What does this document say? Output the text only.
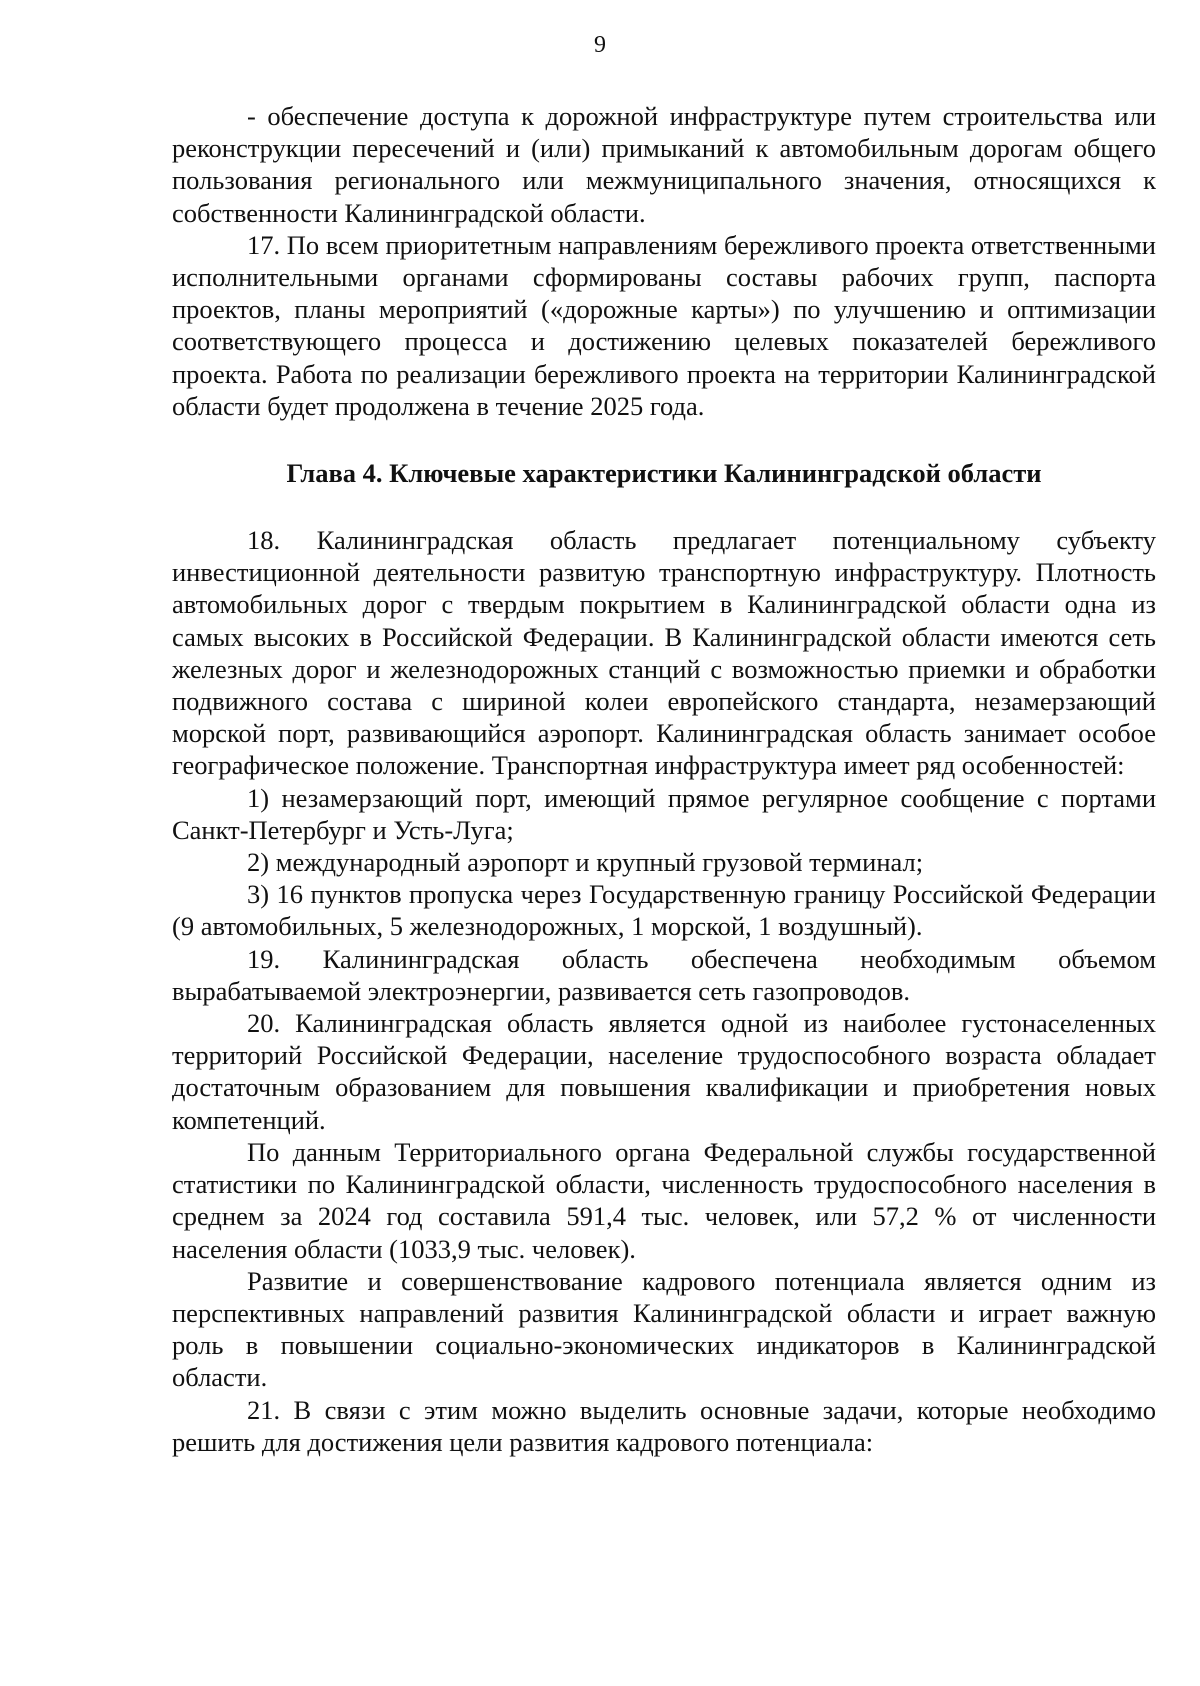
9

- обеспечение доступа к дорожной инфраструктуре путем строительства или реконструкции пересечений и (или) примыканий к автомобильным дорогам общего пользования регионального или межмуниципального значения, относящихся к собственности Калининградской области.

17. По всем приоритетным направлениям бережливого проекта ответственными исполнительными органами сформированы составы рабочих групп, паспорта проектов, планы мероприятий («дорожные карты») по улучшению и оптимизации соответствующего процесса и достижению целевых показателей бережливого проекта. Работа по реализации бережливого проекта на территории Калининградской области будет продолжена в течение 2025 года.

Глава 4. Ключевые характеристики Калининградской области

18. Калининградская область предлагает потенциальному субъекту инвестиционной деятельности развитую транспортную инфраструктуру. Плотность автомобильных дорог с твердым покрытием в Калининградской области одна из самых высоких в Российской Федерации. В Калининградской области имеются сеть железных дорог и железнодорожных станций с возможностью приемки и обработки подвижного состава с шириной колеи европейского стандарта, незамерзающий морской порт, развивающийся аэропорт. Калининградская область занимает особое географическое положение. Транспортная инфраструктура имеет ряд особенностей:

1) незамерзающий порт, имеющий прямое регулярное сообщение с портами Санкт-Петербург и Усть-Луга;

2) международный аэропорт и крупный грузовой терминал;

3) 16 пунктов пропуска через Государственную границу Российской Федерации (9 автомобильных, 5 железнодорожных, 1 морской, 1 воздушный).

19. Калининградская область обеспечена необходимым объемом вырабатываемой электроэнергии, развивается сеть газопроводов.

20. Калининградская область является одной из наиболее густонаселенных территорий Российской Федерации, население трудоспособного возраста обладает достаточным образованием для повышения квалификации и приобретения новых компетенций.

По данным Территориального органа Федеральной службы государственной статистики по Калининградской области, численность трудоспособного населения в среднем за 2024 год составила 591,4 тыс. человек, или 57,2 % от численности населения области (1033,9 тыс. человек).

Развитие и совершенствование кадрового потенциала является одним из перспективных направлений развития Калининградской области и играет важную роль в повышении социально-экономических индикаторов в Калининградской области.

21. В связи с этим можно выделить основные задачи, которые необходимо решить для достижения цели развития кадрового потенциала:
